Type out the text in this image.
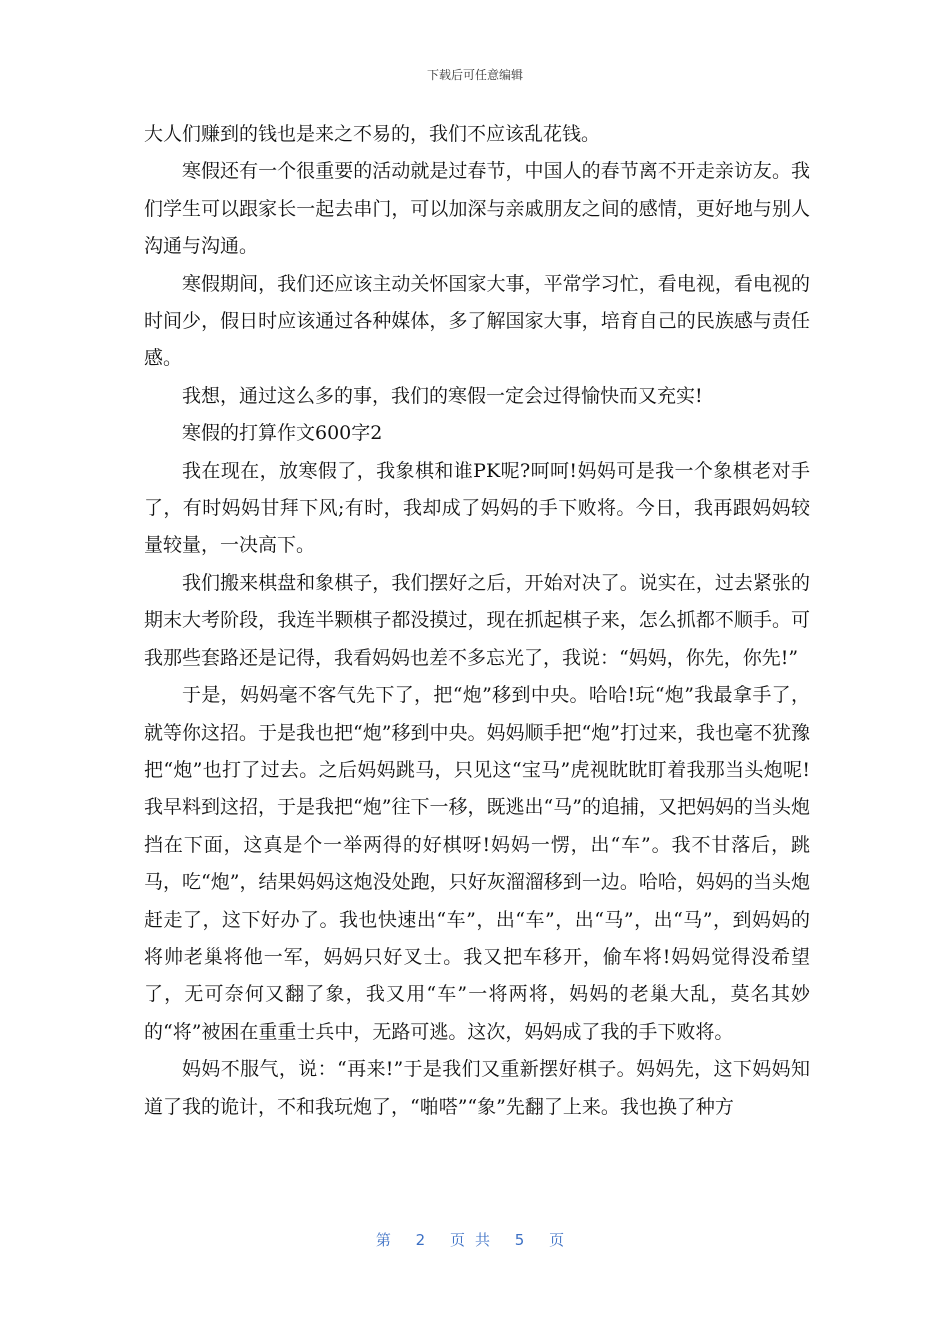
下载后可任意编辑

大人们赚到的钱也是来之不易的，我们不应该乱花钱。

寒假还有一个很重要的活动就是过春节，中国人的春节离不开走亲访友。我们学生可以跟家长一起去串门，可以加深与亲戚朋友之间的感情，更好地与别人沟通与沟通。

寒假期间，我们还应该主动关怀国家大事，平常学习忙，看电视，看电视的时间少，假日时应该通过各种媒体，多了解国家大事，培育自己的民族感与责任感。

我想，通过这么多的事，我们的寒假一定会过得愉快而又充实!

寒假的打算作文600字2

我在现在，放寒假了，我象棋和谁PK呢?呵呵!妈妈可是我一个象棋老对手了，有时妈妈甘拜下风;有时，我却成了妈妈的手下败将。今日，我再跟妈妈较量较量，一决高下。

我们搬来棋盘和象棋子，我们摆好之后，开始对决了。说实在，过去紧张的期末大考阶段，我连半颗棋子都没摸过，现在抓起棋子来，怎么抓都不顺手。可我那些套路还是记得，我看妈妈也差不多忘光了，我说：“妈妈，你先，你先!”

于是，妈妈毫不客气先下了，把“炮”移到中央。哈哈!玩“炮”我最拿手了，就等你这招。于是我也把“炮”移到中央。妈妈顺手把“炮”打过来，我也毫不犹豫把“炮”也打了过去。之后妈妈跳马，只见这“宝马”虎视眈眈盯着我那当头炮呢!我早料到这招，于是我把“炮”往下一移，既逃出“马”的追捕，又把妈妈的当头炮挡在下面，这真是个一举两得的好棋呀!妈妈一愣，出“车”。我不甘落后，跳马，吃“炮”，结果妈妈这炮没处跑，只好灰溜溜移到一边。哈哈，妈妈的当头炮赶走了，这下好办了。我也快速出“车”，出“车”，出“马”，出“马”，到妈妈的将帅老巢将他一军，妈妈只好叉士。我又把车移开，偷车将!妈妈觉得没希望了，无可奈何又翻了象，我又用“车”一将两将，妈妈的老巢大乱，莫名其妙的“将”被困在重重士兵中，无路可逃。这次，妈妈成了我的手下败将。

妈妈不服气，说：“再来!”于是我们又重新摆好棋子。妈妈先，这下妈妈知道了我的诡计，不和我玩炮了，“啪嗒”“象”先翻了上来。我也换了种方

第 2 页共 5 页
